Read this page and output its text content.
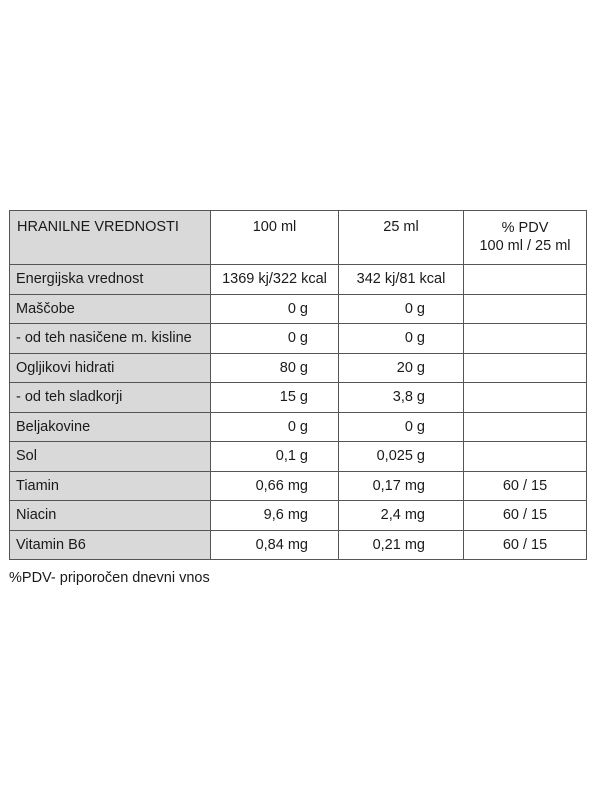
HRANILNE VREDNOSTI	100 ml	25 ml	% PDV
100 ml / 25 ml

Energijska vrednost	1369 kj/322 kcal	342 kj/81 kcal	
Maščobe	0 g	0 g	
- od teh nasičene m. kisline	0 g	0 g	
Ogljikovi hidrati	80 g	20 g	
- od teh sladkorji	15 g	3,8 g	
Beljakovine	0 g	0 g	
Sol	0,1 g	0,025 g	
Tiamin	0,66 mg	0,17 mg	60 / 15
Niacin	9,6 mg	2,4 mg	60 / 15
Vitamin B6	0,84 mg	0,21 mg	60 / 15
%PDV- priporočen dnevni vnos
